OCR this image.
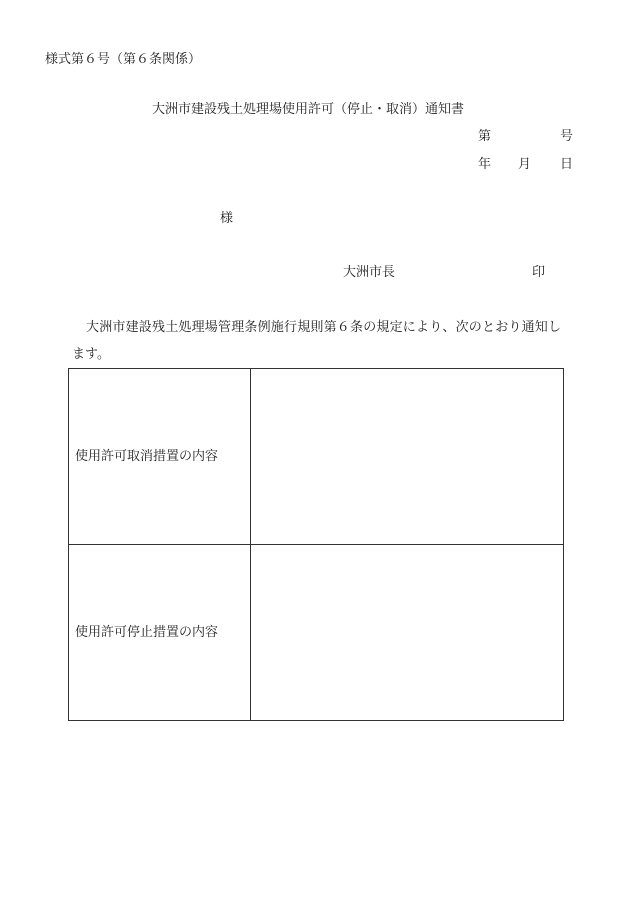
様式第６号（第６条関係）
大洲市建設残土処理場使用許可（停止・取消）通知書
第	号
年 月 日
様
大洲市長	印
大洲市建設残土処理場管理条例施行規則第６条の規定により、次のとおり通知し
ます。
使用許可取消措置の内容	
使用許可停止措置の内容	
